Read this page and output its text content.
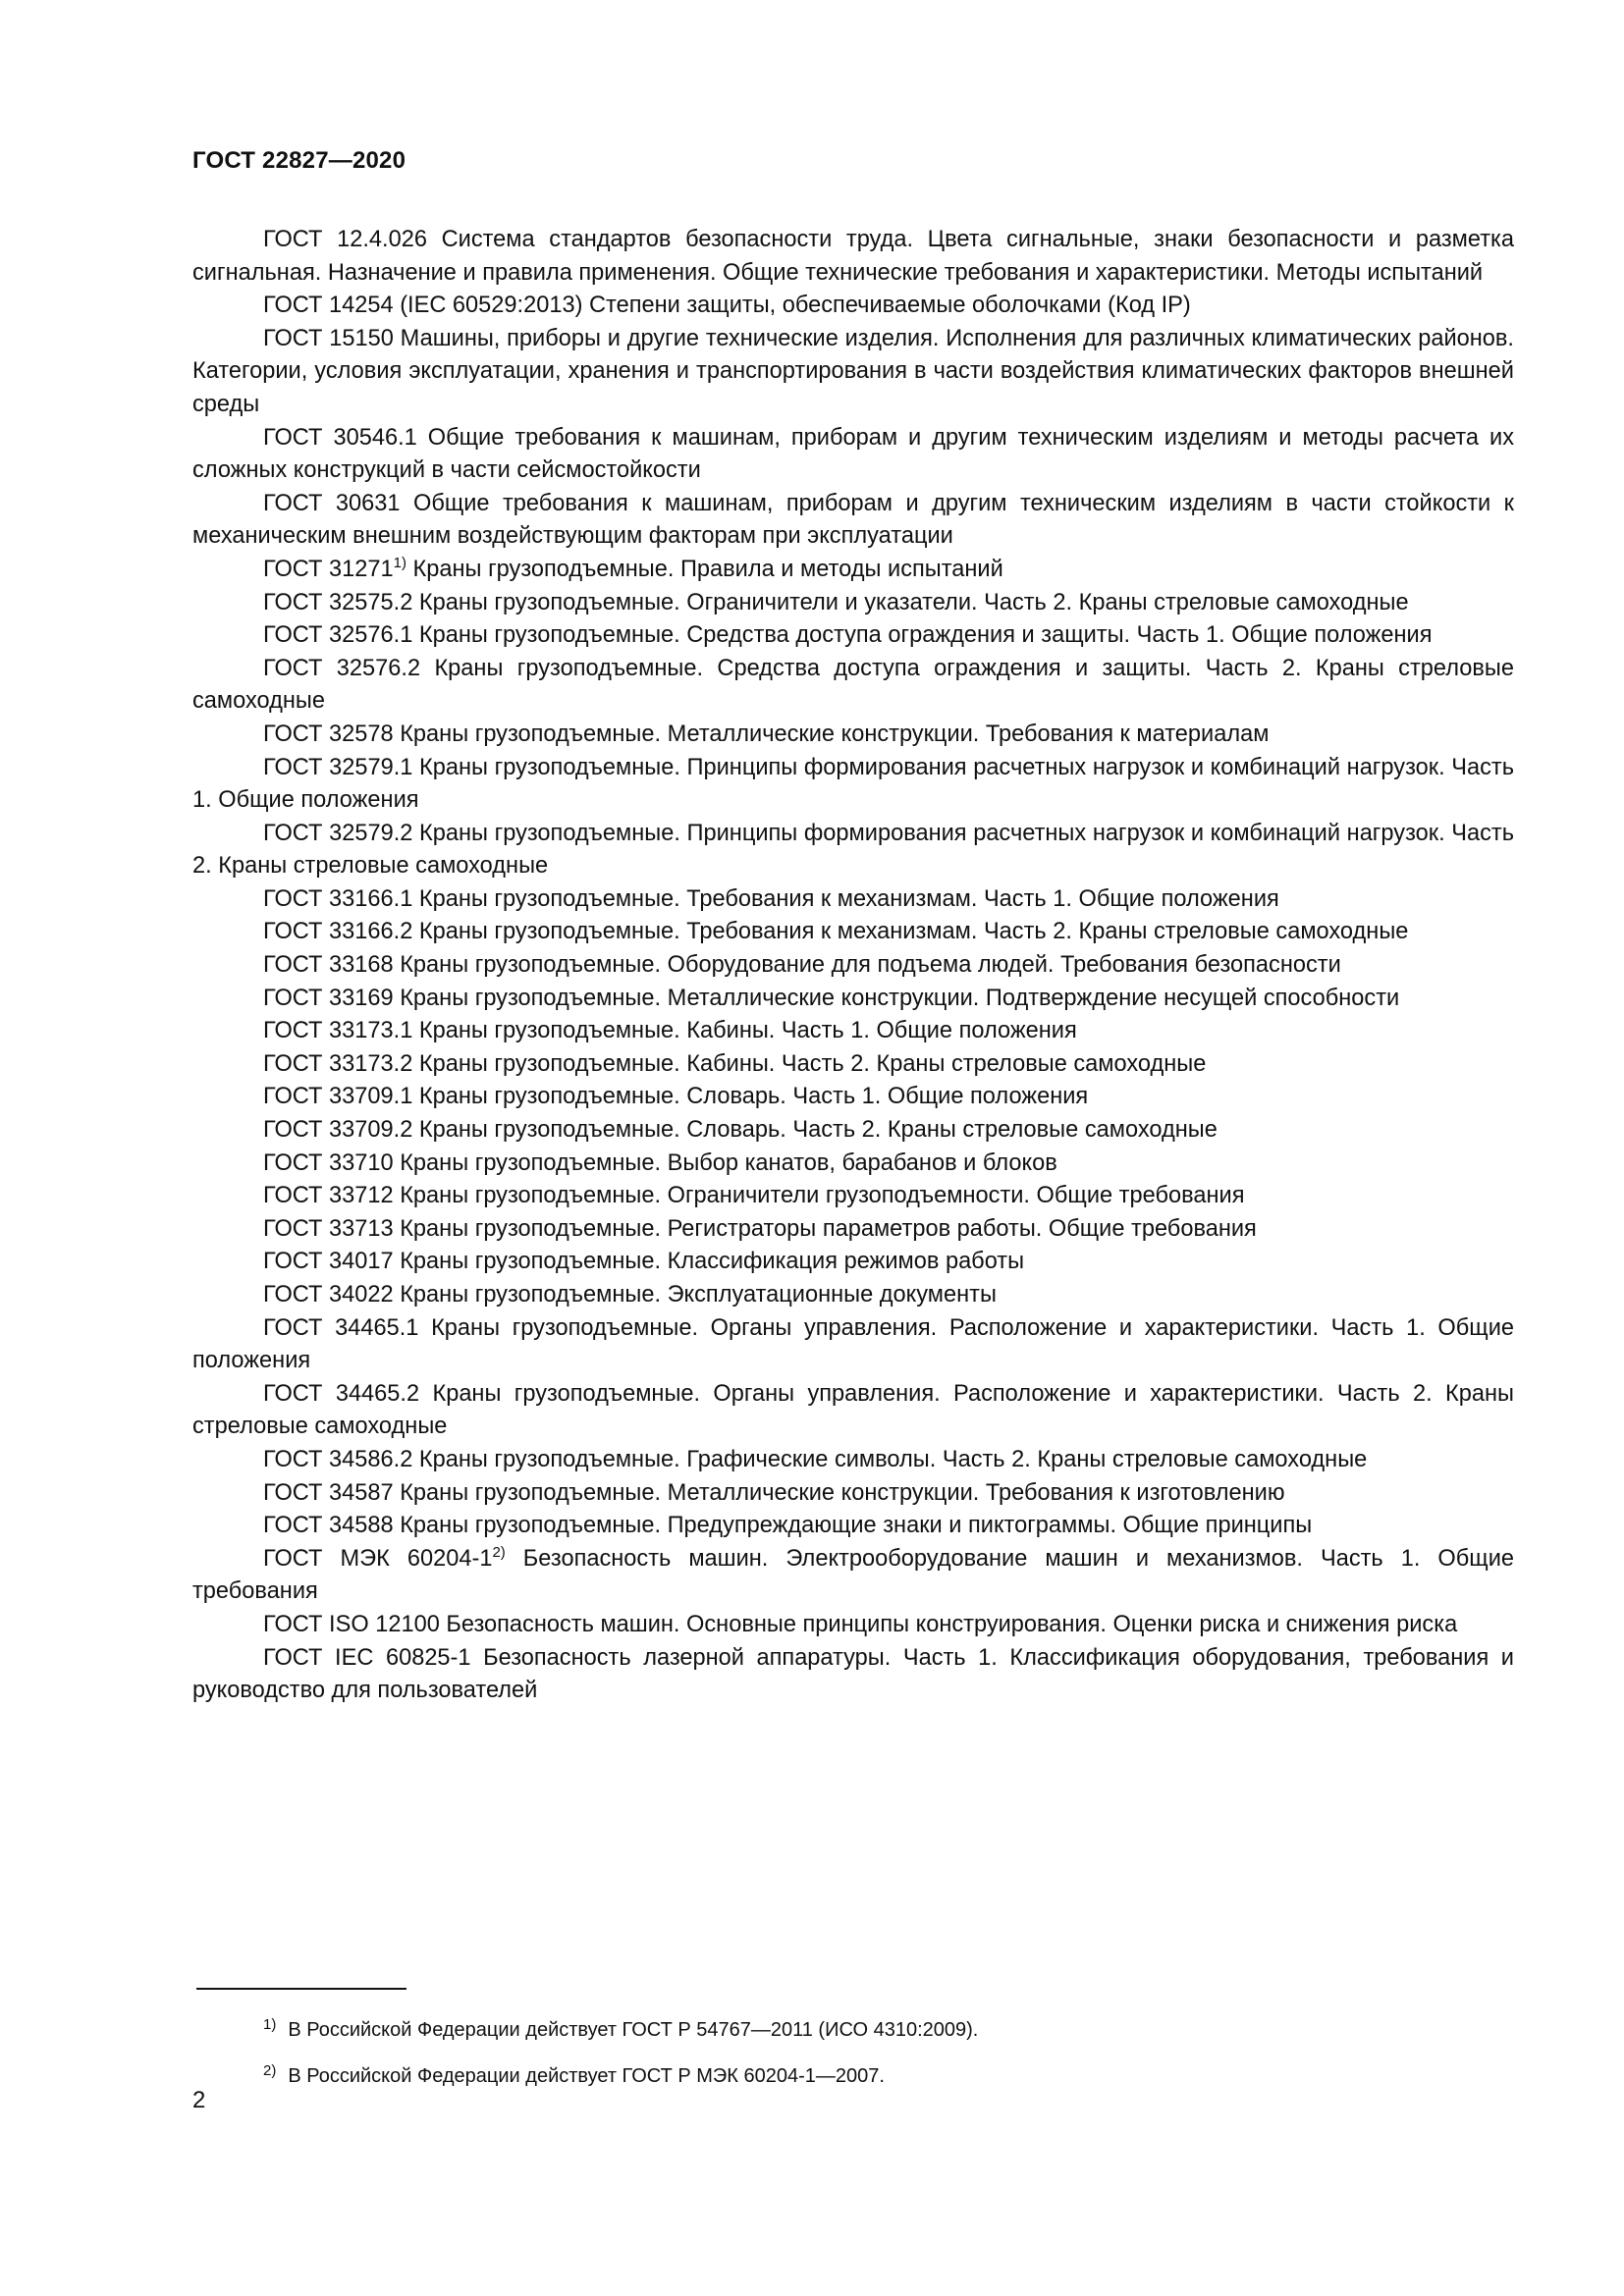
ГОСТ 22827—2020

ГОСТ 12.4.026 Система стандартов безопасности труда. Цвета сигнальные, знаки безопасности и разметка сигнальная. Назначение и правила применения. Общие технические требования и характеристики. Методы испытаний

ГОСТ 14254 (IEC 60529:2013) Степени защиты, обеспечиваемые оболочками (Код IP)

ГОСТ 15150 Машины, приборы и другие технические изделия. Исполнения для различных климатических районов. Категории, условия эксплуатации, хранения и транспортирования в части воздействия климатических факторов внешней среды

ГОСТ 30546.1 Общие требования к машинам, приборам и другим техническим изделиям и методы расчета их сложных конструкций в части сейсмостойкости

ГОСТ 30631 Общие требования к машинам, приборам и другим техническим изделиям в части стойкости к механическим внешним воздействующим факторам при эксплуатации

ГОСТ 31271$^{1)}$ Краны грузоподъемные. Правила и методы испытаний

ГОСТ 32575.2 Краны грузоподъемные. Ограничители и указатели. Часть 2. Краны стреловые самоходные

ГОСТ 32576.1 Краны грузоподъемные. Средства доступа ограждения и защиты. Часть 1. Общие положения

ГОСТ 32576.2 Краны грузоподъемные. Средства доступа ограждения и защиты. Часть 2. Краны стреловые самоходные

ГОСТ 32578 Краны грузоподъемные. Металлические конструкции. Требования к материалам

ГОСТ 32579.1 Краны грузоподъемные. Принципы формирования расчетных нагрузок и комбинаций нагрузок. Часть 1. Общие положения

ГОСТ 32579.2 Краны грузоподъемные. Принципы формирования расчетных нагрузок и комбинаций нагрузок. Часть 2. Краны стреловые самоходные

ГОСТ 33166.1 Краны грузоподъемные. Требования к механизмам. Часть 1. Общие положения

ГОСТ 33166.2 Краны грузоподъемные. Требования к механизмам. Часть 2. Краны стреловые самоходные

ГОСТ 33168 Краны грузоподъемные. Оборудование для подъема людей. Требования безопасности

ГОСТ 33169 Краны грузоподъемные. Металлические конструкции. Подтверждение несущей способности

ГОСТ 33173.1 Краны грузоподъемные. Кабины. Часть 1. Общие положения

ГОСТ 33173.2 Краны грузоподъемные. Кабины. Часть 2. Краны стреловые самоходные

ГОСТ 33709.1 Краны грузоподъемные. Словарь. Часть 1. Общие положения

ГОСТ 33709.2 Краны грузоподъемные. Словарь. Часть 2. Краны стреловые самоходные

ГОСТ 33710 Краны грузоподъемные. Выбор канатов, барабанов и блоков

ГОСТ 33712 Краны грузоподъемные. Ограничители грузоподъемности. Общие требования

ГОСТ 33713 Краны грузоподъемные. Регистраторы параметров работы. Общие требования

ГОСТ 34017 Краны грузоподъемные. Классификация режимов работы

ГОСТ 34022 Краны грузоподъемные. Эксплуатационные документы

ГОСТ 34465.1 Краны грузоподъемные. Органы управления. Расположение и характеристики. Часть 1. Общие положения

ГОСТ 34465.2 Краны грузоподъемные. Органы управления. Расположение и характеристики. Часть 2. Краны стреловые самоходные

ГОСТ 34586.2 Краны грузоподъемные. Графические символы. Часть 2. Краны стреловые самоходные

ГОСТ 34587 Краны грузоподъемные. Металлические конструкции. Требования к изготовлению

ГОСТ 34588 Краны грузоподъемные. Предупреждающие знаки и пиктограммы. Общие принципы

ГОСТ МЭК 60204-1$^{2)}$ Безопасность машин. Электрооборудование машин и механизмов. Часть 1. Общие требования

ГОСТ ISO 12100 Безопасность машин. Основные принципы конструирования. Оценки риска и снижения риска

ГОСТ IEC 60825-1 Безопасность лазерной аппаратуры. Часть 1. Классификация оборудования, требования и руководство для пользователей

$^{1)}$ В Российской Федерации действует ГОСТ Р 54767—2011 (ИСО 4310:2009).

$^{2)}$ В Российской Федерации действует ГОСТ Р МЭК 60204-1—2007.

2
